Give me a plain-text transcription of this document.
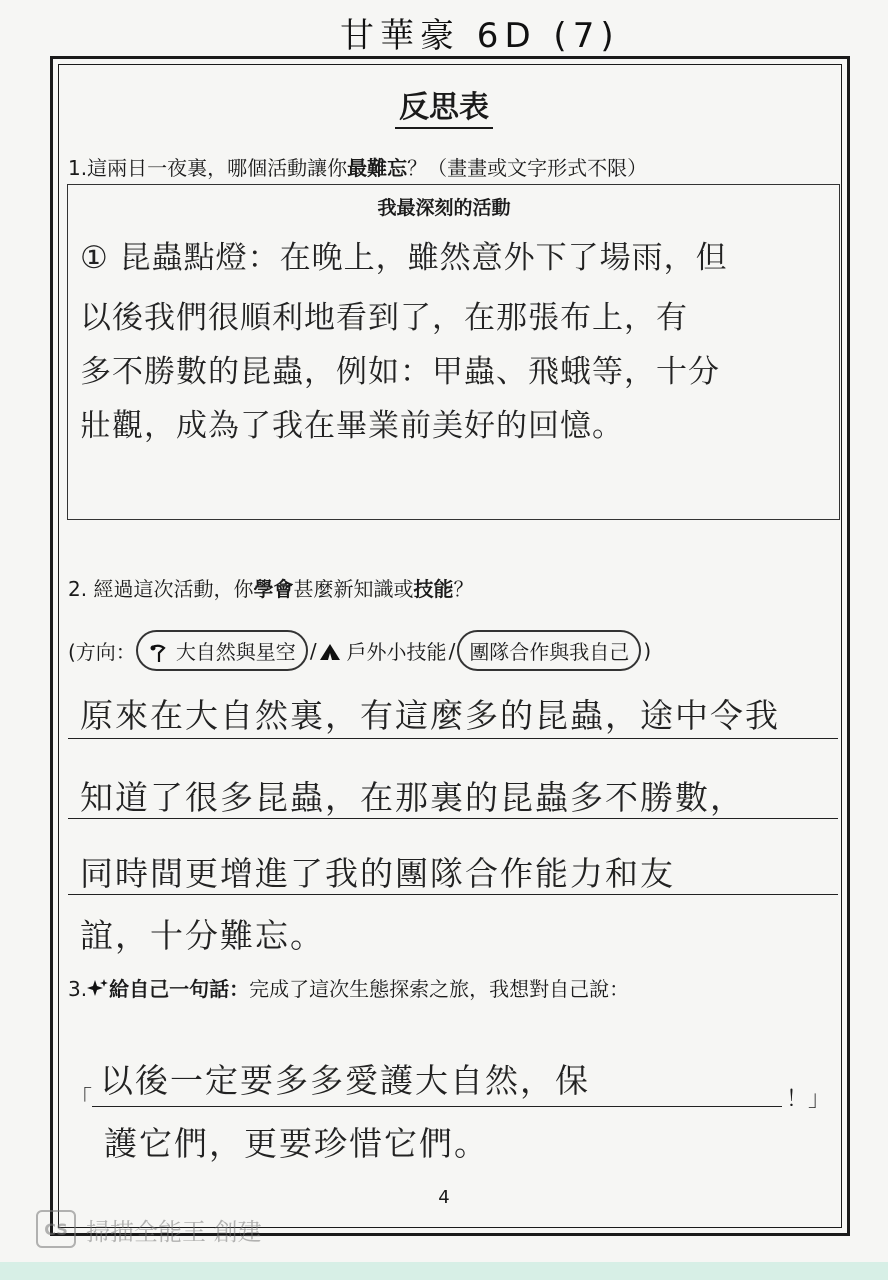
甘華豪 6D (7)
反思表
1.這兩日一夜裏，哪個活動讓你最難忘？（畫畫或文字形式不限）
我最深刻的活動
① 昆蟲點燈：在晚上，雖然意外下了場雨，但
以後我們很順利地看到了，在那張布上，有
多不勝數的昆蟲，例如：甲蟲、飛蛾等，十分
壯觀，成為了我在畢業前美好的回憶。
2. 經過這次活動，你學會甚麼新知識或技能？
(方向：	大自然與星空 / 戶外小技能 / 團隊合作與我自己 )
原來在大自然裏，有這麼多的昆蟲，途中令我
知道了很多昆蟲，在那裏的昆蟲多不勝數，
同時間更增進了我的團隊合作能力和友
誼，十分難忘。
3. 給自己一句話：完成了這次生態探索之旅，我想對自己說：
「 以後一定要多多愛護大自然，保	！」
護它們，更要珍惜它們。
4
CS 掃描全能王 創建
